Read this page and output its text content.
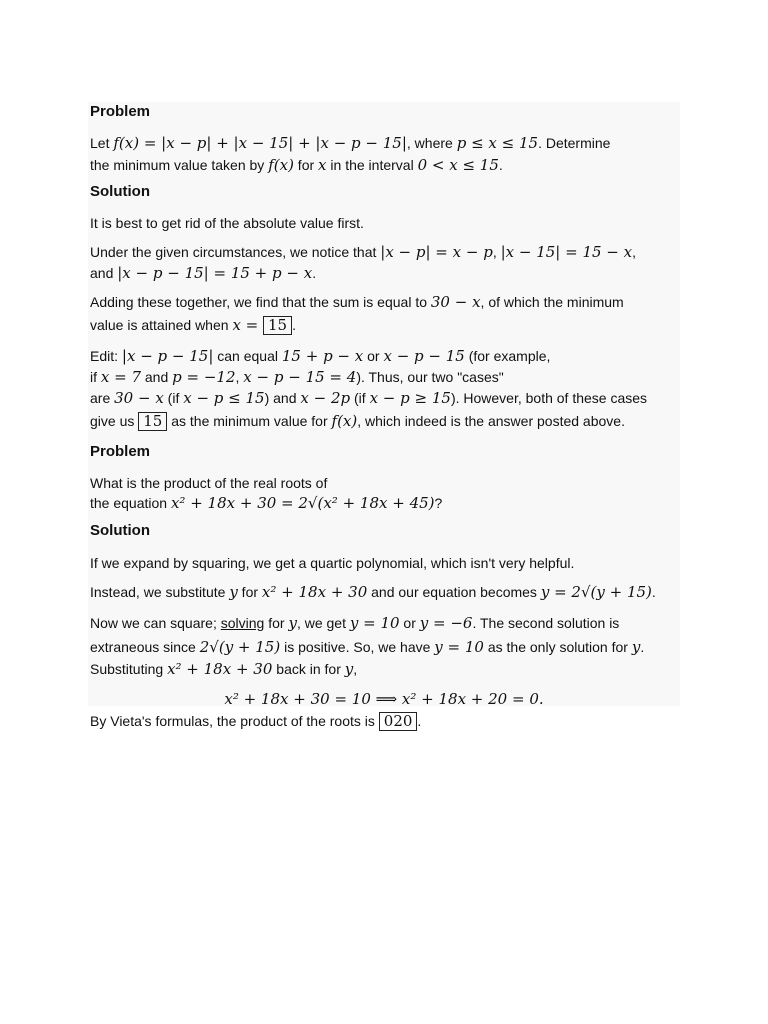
Problem
Let f(x) = |x − p| + |x − 15| + |x − p − 15|, where p ≤ x ≤ 15. Determine
the minimum value taken by f(x) for x in the interval 0 < x ≤ 15.
Solution
It is best to get rid of the absolute value first.
Under the given circumstances, we notice that |x − p| = x − p, |x − 15| = 15 − x,
and |x − p − 15| = 15 + p − x.
Adding these together, we find that the sum is equal to 30 − x, of which the minimum
value is attained when x = 15 .
Edit: |x − p − 15| can equal 15 + p − x or x − p − 15 (for example,
if x = 7 and p = −12, x − p − 15 = 4). Thus, our two "cases"
are 30 − x (if x − p ≤ 15) and x − 2p (if x − p ≥ 15). However, both of these cases
give us 15 as the minimum value for f(x), which indeed is the answer posted above.
Problem
What is the product of the real roots of
the equation x² + 18x + 30 = 2√(x² + 18x + 45)?
Solution
If we expand by squaring, we get a quartic polynomial, which isn't very helpful.
Instead, we substitute y for x² + 18x + 30 and our equation becomes y = 2√(y + 15).
Now we can square; solving for y, we get y = 10 or y = −6. The second solution is
extraneous since 2√(y + 15) is positive. So, we have y = 10 as the only solution for y.
Substituting x² + 18x + 30 back in for y,
x² + 18x + 30 = 10 ⟹ x² + 18x + 20 = 0.
By Vieta's formulas, the product of the roots is 020 .
